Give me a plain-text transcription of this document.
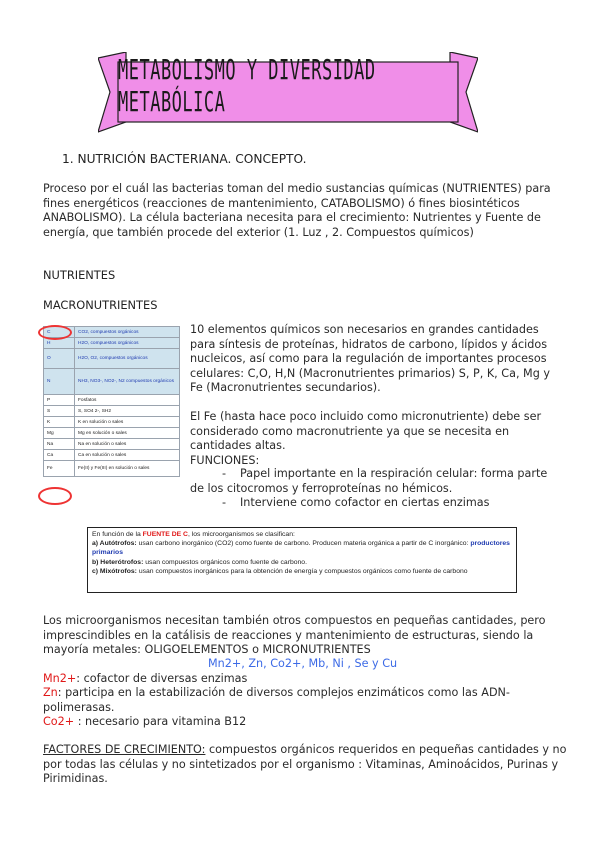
METABOLISMO Y DIVERSIDAD METABÓLICA
1. NUTRICIÓN BACTERIANA. CONCEPTO.
Proceso por el cuál las bacterias toman del medio sustancias químicas (NUTRIENTES) para fines energéticos (reacciones de mantenimiento, CATABOLISMO) ó fines biosintéticos ANABOLISMO). La célula bacteriana necesita para el crecimiento: Nutrientes y Fuente de energía, que también procede del exterior (1. Luz , 2. Compuestos químicos)
NUTRIENTES
MACRONUTRIENTES
C	CO2, compuestos orgánicos
H	H2O, compuestos orgánicos
O	H2O, O2, compuestos orgánicos
N	NH3, NO3-, NO2-, N2 compuestos orgánicos
P	Fosfatos
S	S, SO4 2-, SH2
K	K en solución o sales
Mg	Mg en solución o sales
Na	Na en solución o sales
Ca	Ca en solución o sales
Fe	Fe(II) y Fe(III) en solución o sales
10 elementos químicos son necesarios en grandes cantidades para síntesis de proteínas, hidratos de carbono, lípidos y ácidos nucleicos, así como para la regulación de importantes procesos celulares: C,O, H,N (Macronutrientes primarios) S, P, K, Ca, Mg y Fe (Macronutrientes secundarios).
El Fe (hasta hace poco incluido como micronutriente) debe ser considerado como macronutriente ya que se necesita en cantidades altas.
FUNCIONES:
- Papel importante en la respiración celular: forma parte de los citocromos y ferroproteínas no hémicos.
- Interviene como cofactor en ciertas enzimas
En función de la FUENTE DE C, los microorganismos se clasifican:
a) Autótrofos: usan carbono inorgánico (CO2) como fuente de carbono. Producen materia orgánica a partir de C inorgánico: productores primarios
b) Heterótrofos: usan compuestos orgánicos como fuente de carbono.
c) Mixótrofos: usan compuestos inorgánicos para la obtención de energía y compuestos orgánicos como fuente de carbono
Los microorganismos necesitan también otros compuestos en pequeñas cantidades, pero imprescindibles en la catálisis de reacciones y mantenimiento de estructuras, siendo la mayoría metales: OLIGOELEMENTOS o MICRONUTRIENTES
Mn2+, Zn, Co2+, Mb, Ni , Se y Cu
Mn2+: cofactor de diversas enzimas
Zn: participa en la estabilización de diversos complejos enzimáticos como las ADN-polimerasas.
Co2+ : necesario para vitamina B12
FACTORES DE CRECIMIENTO: compuestos orgánicos requeridos en pequeñas cantidades y no por todas las células y no sintetizados por el organismo : Vitaminas, Aminoácidos, Purinas y Pirimidinas.
